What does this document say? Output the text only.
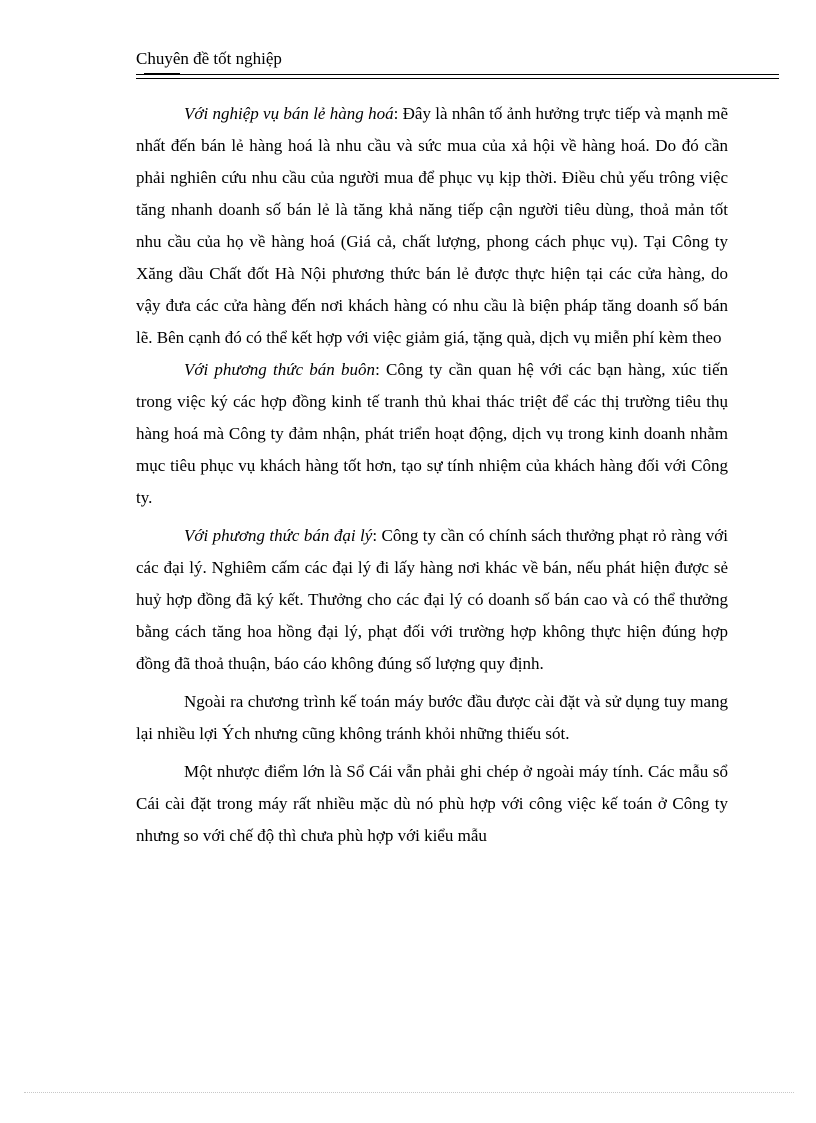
Chuyên đề tốt nghiệp

Với nghiệp vụ bán lẻ hàng hoá: Đây là nhân tố ảnh hưởng trực tiếp và mạnh mẽ nhất đến bán lẻ hàng hoá là nhu cầu và sức mua của xả hội về hàng hoá. Do đó cần phải nghiên cứu nhu cầu của người mua để phục vụ kịp thời. Điều chủ yếu trông việc tăng nhanh doanh số bán lẻ là tăng khả năng tiếp cận người tiêu dùng, thoả mản tốt nhu cầu của họ về hàng hoá (Giá cả, chất lượng, phong cách phục vụ). Tại Công ty Xăng dầu Chất đốt Hà Nội phương thức bán lẻ được thực hiện tại các cửa hàng, do vậy đưa các cửa hàng đến nơi khách hàng có nhu cầu là biện pháp tăng doanh số bán lẽ. Bên cạnh đó có thể kết hợp với việc giảm giá, tặng quà, dịch vụ miễn phí kèm theo

Với phương thức bán buôn: Công ty cần quan hệ với các bạn hàng, xúc tiến trong việc ký các hợp đồng kinh tế tranh thủ khai thác triệt để các thị trường tiêu thụ hàng hoá mà Công ty đảm nhận, phát triển hoạt động, dịch vụ trong kinh doanh nhằm mục tiêu phục vụ khách hàng tốt hơn, tạo sự tính nhiệm của khách hàng đối với Công ty.

Với phương thức bán đại lý: Công ty cần có chính sách thưởng phạt rỏ ràng với các đại lý. Nghiêm cấm các đại lý đi lấy hàng nơi khác về bán, nếu phát hiện được sẻ huỷ hợp đồng đã ký kết. Thưởng cho các đại lý có doanh số bán cao và có thể thưởng bằng cách tăng hoa hồng đại lý, phạt đối với trường hợp không thực hiện đúng hợp đồng đã thoả thuận, báo cáo không đúng số lượng quy định.

Ngoài ra chương trình kế toán máy bước đầu được cài đặt và sử dụng tuy mang lại nhiều lợi Ých nhưng cũng không tránh khỏi những thiếu sót.

Một nhược điểm lớn là Sổ Cái vẫn phải ghi chép ở ngoài máy tính. Các mẫu sổ Cái cài đặt trong máy rất nhiều mặc dù nó phù hợp với công việc kế toán ở Công ty nhưng so với chế độ thì chưa phù hợp với kiểu mẫu
